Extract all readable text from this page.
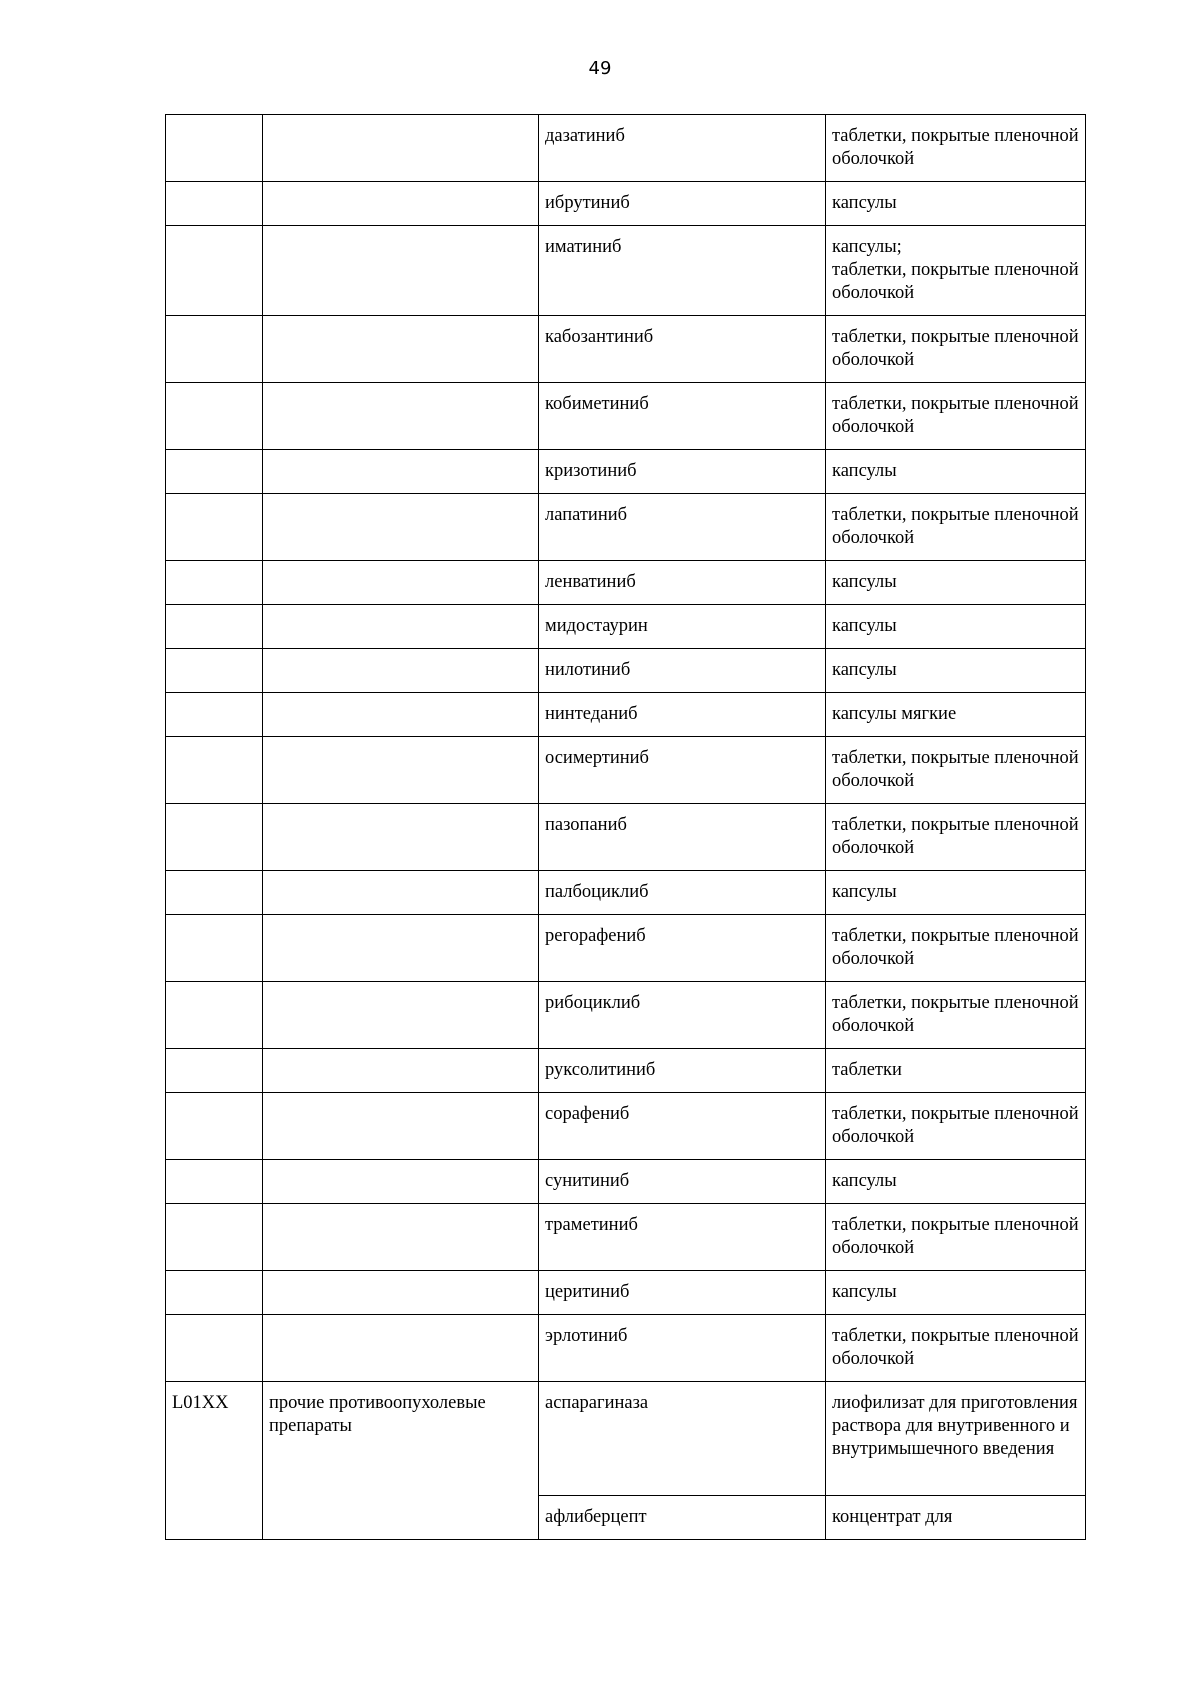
49
		дазатиниб	таблетки, покрытые пленочной оболочкой
		ибрутиниб	капсулы
		иматиниб	капсулы;
таблетки, покрытые пленочной оболочкой
		кабозантиниб	таблетки, покрытые пленочной оболочкой
		кобиметиниб	таблетки, покрытые пленочной оболочкой
		кризотиниб	капсулы
		лапатиниб	таблетки, покрытые пленочной оболочкой
		ленватиниб	капсулы
		мидостаурин	капсулы
		нилотиниб	капсулы
		нинтеданиб	капсулы мягкие
		осимертиниб	таблетки, покрытые пленочной оболочкой
		пазопаниб	таблетки, покрытые пленочной оболочкой
		палбоциклиб	капсулы
		регорафениб	таблетки, покрытые пленочной оболочкой
		рибоциклиб	таблетки, покрытые пленочной оболочкой
		руксолитиниб	таблетки
		сорафениб	таблетки, покрытые пленочной оболочкой
		сунитиниб	капсулы
		траметиниб	таблетки, покрытые пленочной оболочкой
		церитиниб	капсулы
		эрлотиниб	таблетки, покрытые пленочной оболочкой
L01XX	прочие противоопухолевые препараты	аспарагиназа	лиофилизат для приготовления раствора для внутривенного и внутримышечного введения
		афлиберцепт	концентрат для
